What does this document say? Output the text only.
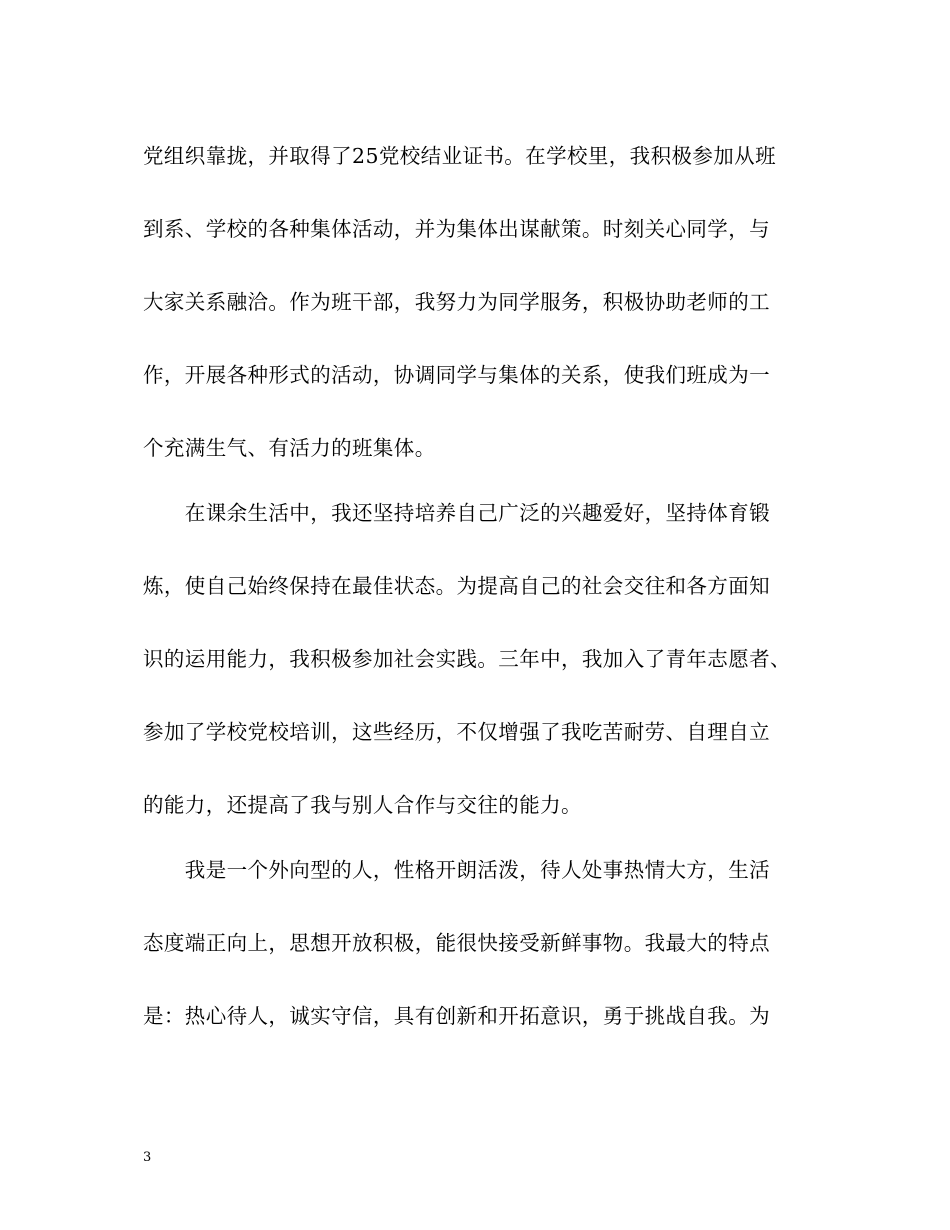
党组织靠拢，并取得了25党校结业证书。在学校里，我积极参加从班
到系、学校的各种集体活动，并为集体出谋献策。时刻关心同学，与
大家关系融洽。作为班干部，我努力为同学服务，积极协助老师的工
作，开展各种形式的活动，协调同学与集体的关系，使我们班成为一
个充满生气、有活力的班集体。
　　在课余生活中，我还坚持培养自己广泛的兴趣爱好，坚持体育锻
炼，使自己始终保持在最佳状态。为提高自己的社会交往和各方面知
识的运用能力，我积极参加社会实践。三年中，我加入了青年志愿者、
参加了学校党校培训，这些经历，不仅增强了我吃苦耐劳、自理自立
的能力，还提高了我与别人合作与交往的能力。
　　我是一个外向型的人，性格开朗活泼，待人处事热情大方，生活
态度端正向上，思想开放积极，能很快接受新鲜事物。我最大的特点
是：热心待人，诚实守信，具有创新和开拓意识，勇于挑战自我。为
3
